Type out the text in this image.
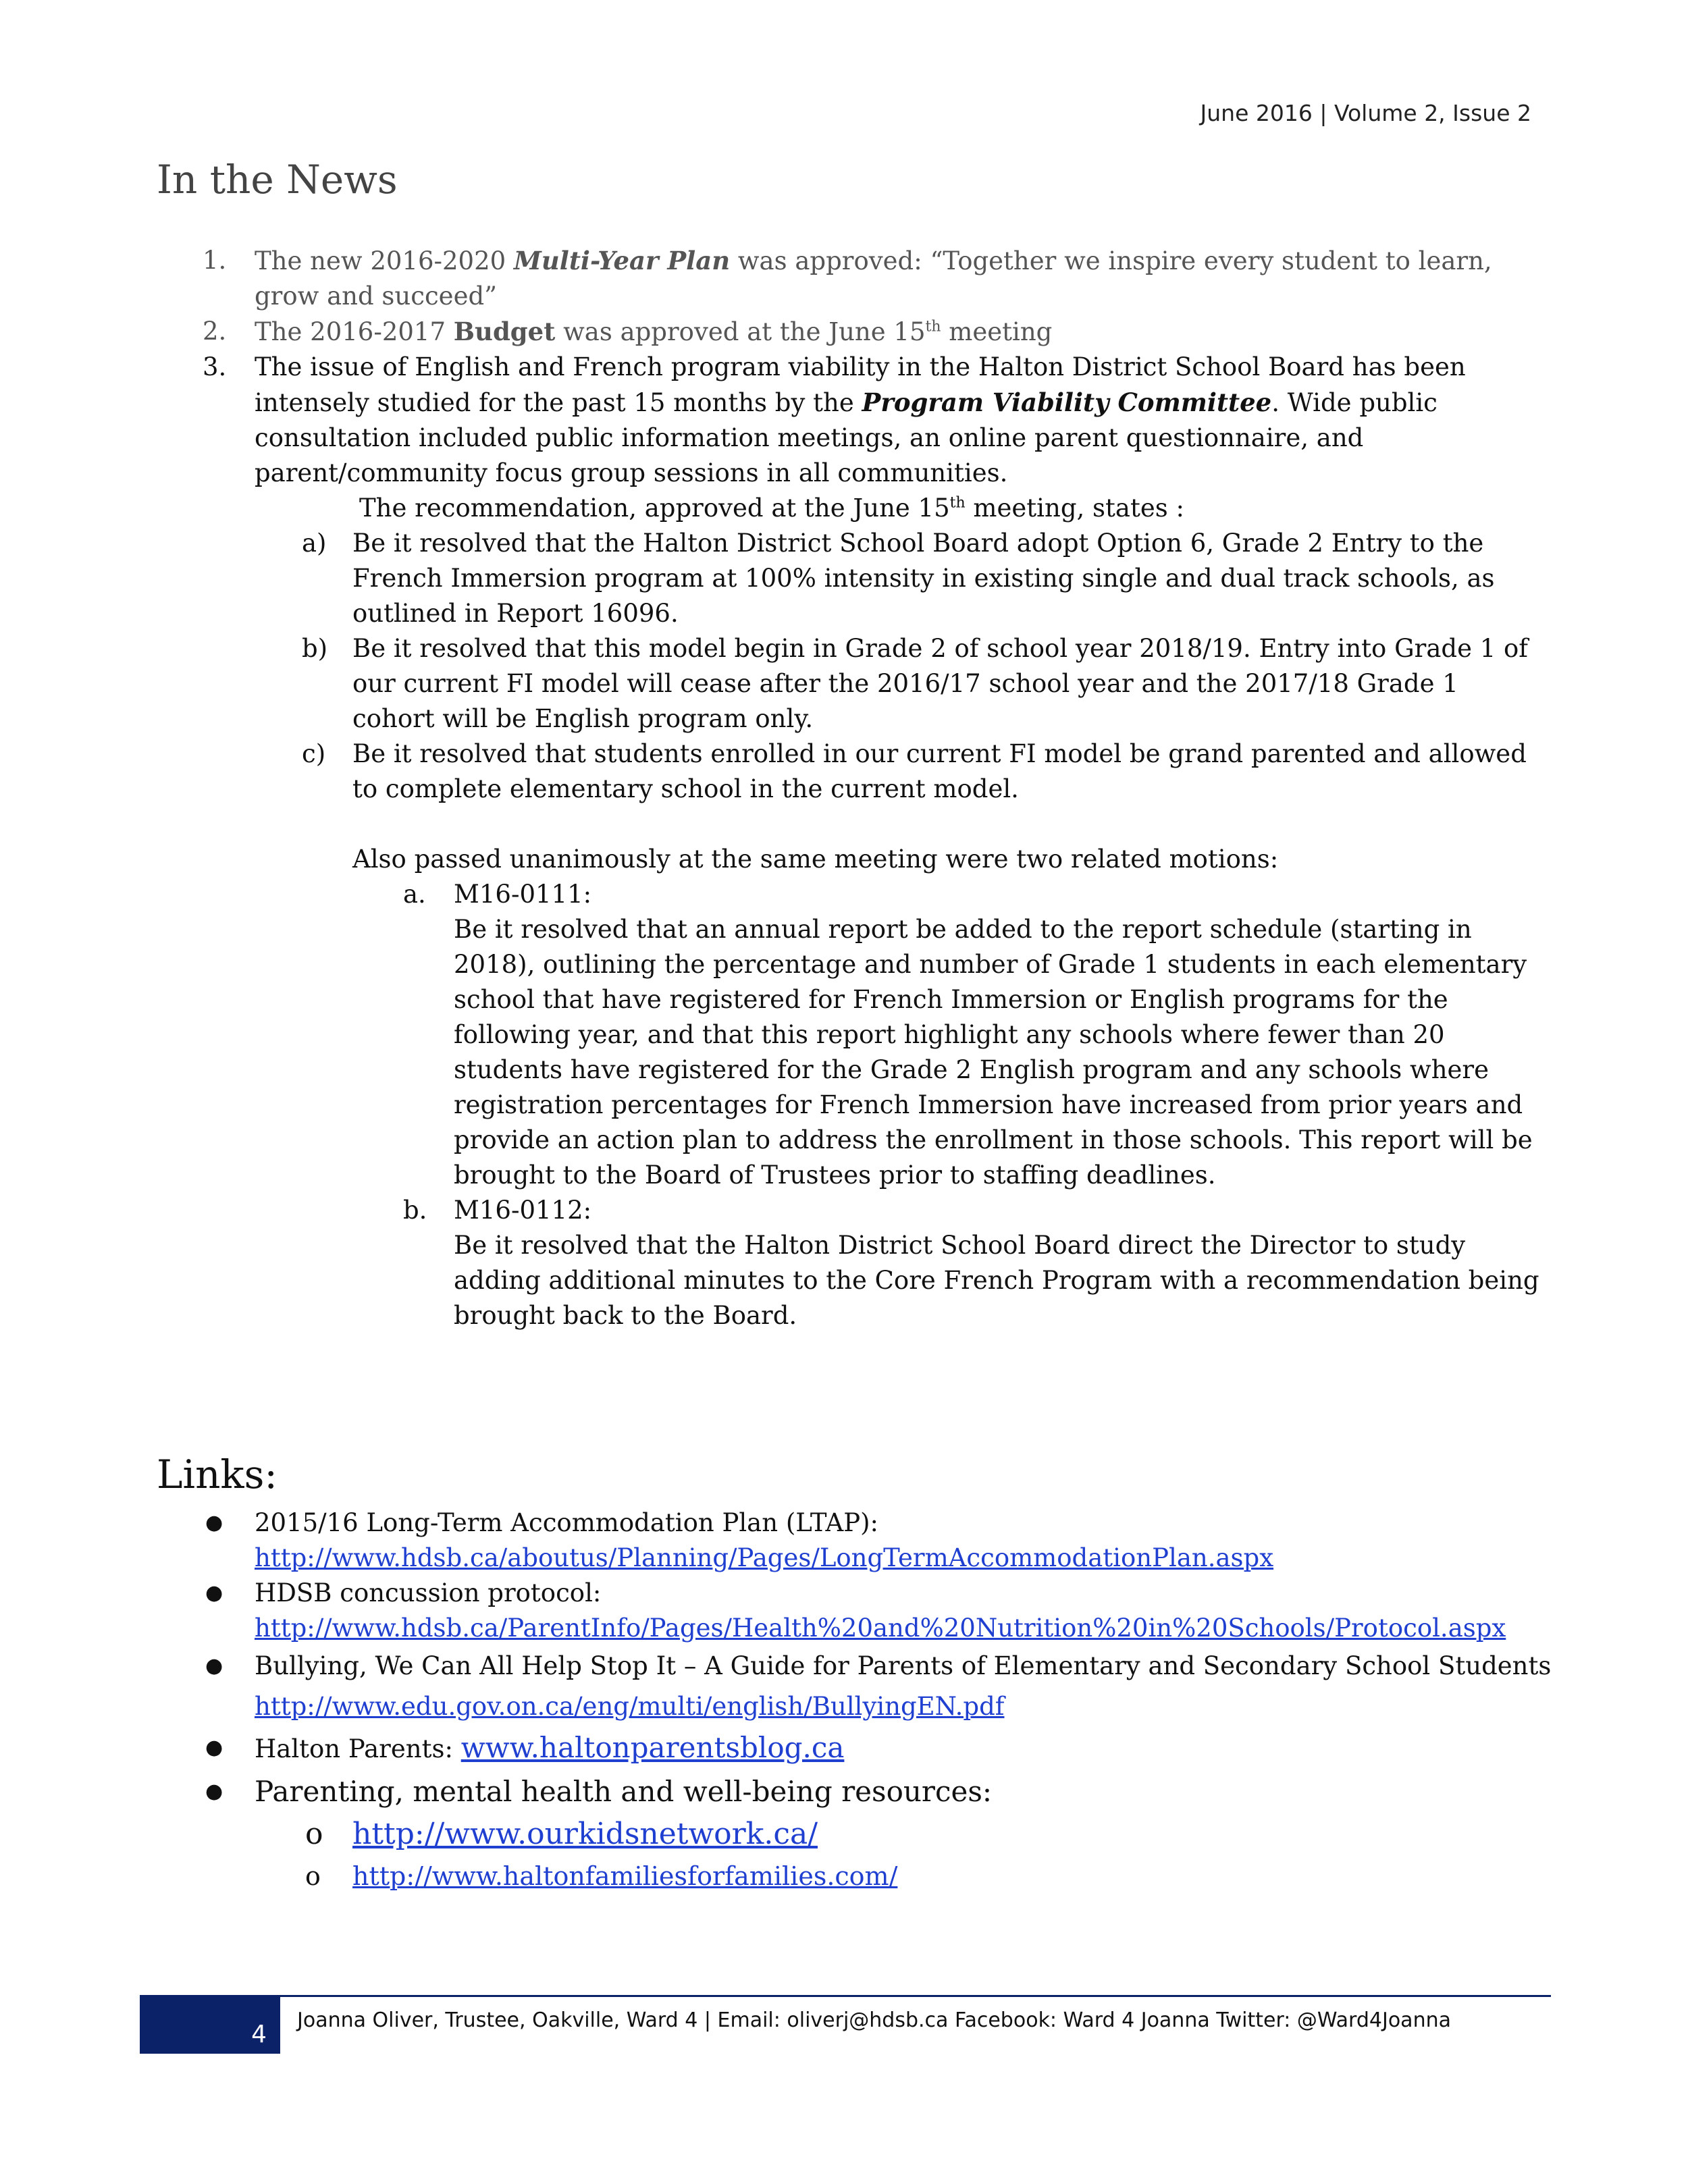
June 2016 | Volume 2, Issue 2
In the News
1. The new 2016-2020 Multi-Year Plan was approved: “Together we inspire every student to learn, grow and succeed”
2. The 2016-2017 Budget was approved at the June 15th meeting
3. The issue of English and French program viability in the Halton District School Board has been intensely studied for the past 15 months by the Program Viability Committee. Wide public consultation included public information meetings, an online parent questionnaire, and parent/community focus group sessions in all communities.
The recommendation, approved at the June 15th meeting, states :
a) Be it resolved that the Halton District School Board adopt Option 6, Grade 2 Entry to the French Immersion program at 100% intensity in existing single and dual track schools, as outlined in Report 16096.
b) Be it resolved that this model begin in Grade 2 of school year 2018/19. Entry into Grade 1 of our current FI model will cease after the 2016/17 school year and the 2017/18 Grade 1 cohort will be English program only.
c) Be it resolved that students enrolled in our current FI model be grand parented and allowed to complete elementary school in the current model.
Also passed unanimously at the same meeting were two related motions:
a. M16-0111:
Be it resolved that an annual report be added to the report schedule (starting in 2018), outlining the percentage and number of Grade 1 students in each elementary school that have registered for French Immersion or English programs for the following year, and that this report highlight any schools where fewer than 20 students have registered for the Grade 2 English program and any schools where registration percentages for French Immersion have increased from prior years and provide an action plan to address the enrollment in those schools. This report will be brought to the Board of Trustees prior to staffing deadlines.
b. M16-0112:
Be it resolved that the Halton District School Board direct the Director to study adding additional minutes to the Core French Program with a recommendation being brought back to the Board.
Links:
● 2015/16 Long-Term Accommodation Plan (LTAP):
http://www.hdsb.ca/aboutus/Planning/Pages/LongTermAccommodationPlan.aspx
● HDSB concussion protocol:
http://www.hdsb.ca/ParentInfo/Pages/Health%20and%20Nutrition%20in%20Schools/Protocol.aspx
● Bullying, We Can All Help Stop It – A Guide for Parents of Elementary and Secondary School Students http://www.edu.gov.on.ca/eng/multi/english/BullyingEN.pdf
● Halton Parents: www.haltonparentsblog.ca
● Parenting, mental health and well-being resources:
o http://www.ourkidsnetwork.ca/
o http://www.haltonfamiliesforfamilies.com/
4
Joanna Oliver, Trustee, Oakville, Ward 4 | Email: oliverj@hdsb.ca Facebook: Ward 4 Joanna Twitter: @Ward4Joanna
